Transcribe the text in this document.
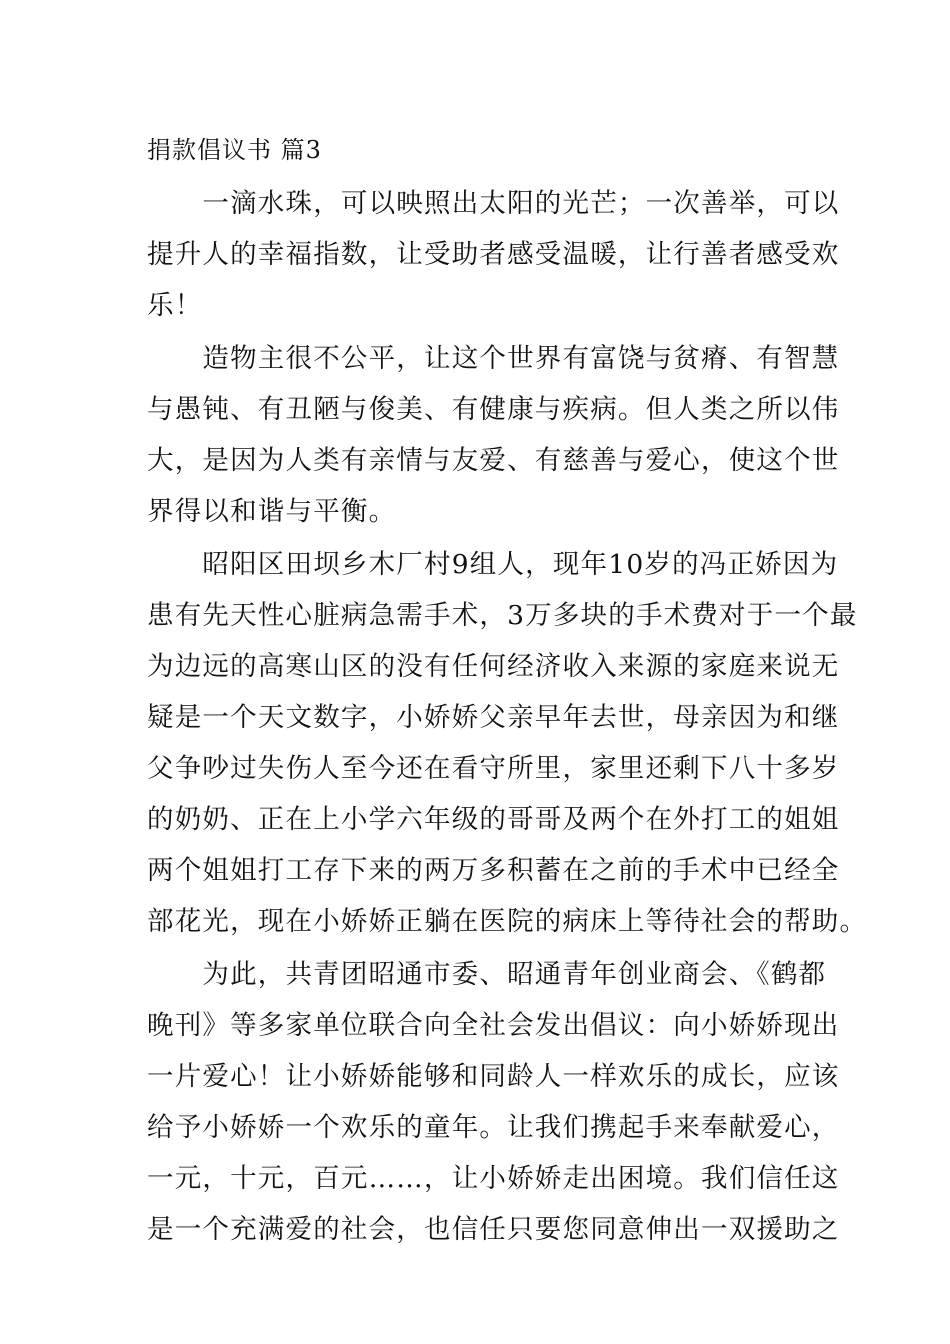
捐款倡议书 篇3
　　一滴水珠，可以映照出太阳的光芒；一次善举，可以
提升人的幸福指数，让受助者感受温暖，让行善者感受欢
乐！
　　造物主很不公平，让这个世界有富饶与贫瘠、有智慧
与愚钝、有丑陋与俊美、有健康与疾病。但人类之所以伟
大，是因为人类有亲情与友爱、有慈善与爱心，使这个世
界得以和谐与平衡。
　　昭阳区田坝乡木厂村9组人，现年10岁的冯正娇因为
患有先天性心脏病急需手术，3万多块的手术费对于一个最
为边远的高寒山区的没有任何经济收入来源的家庭来说无
疑是一个天文数字，小娇娇父亲早年去世，母亲因为和继
父争吵过失伤人至今还在看守所里，家里还剩下八十多岁
的奶奶、正在上小学六年级的哥哥及两个在外打工的姐姐
两个姐姐打工存下来的两万多积蓄在之前的手术中已经全
部花光，现在小娇娇正躺在医院的病床上等待社会的帮助。
　　为此，共青团昭通市委、昭通青年创业商会、《鹤都
晚刊》等多家单位联合向全社会发出倡议：向小娇娇现出
一片爱心！让小娇娇能够和同龄人一样欢乐的成长，应该
给予小娇娇一个欢乐的童年。让我们携起手来奉献爱心，
一元，十元，百元……，让小娇娇走出困境。我们信任这
是一个充满爱的社会，也信任只要您同意伸出一双援助之
